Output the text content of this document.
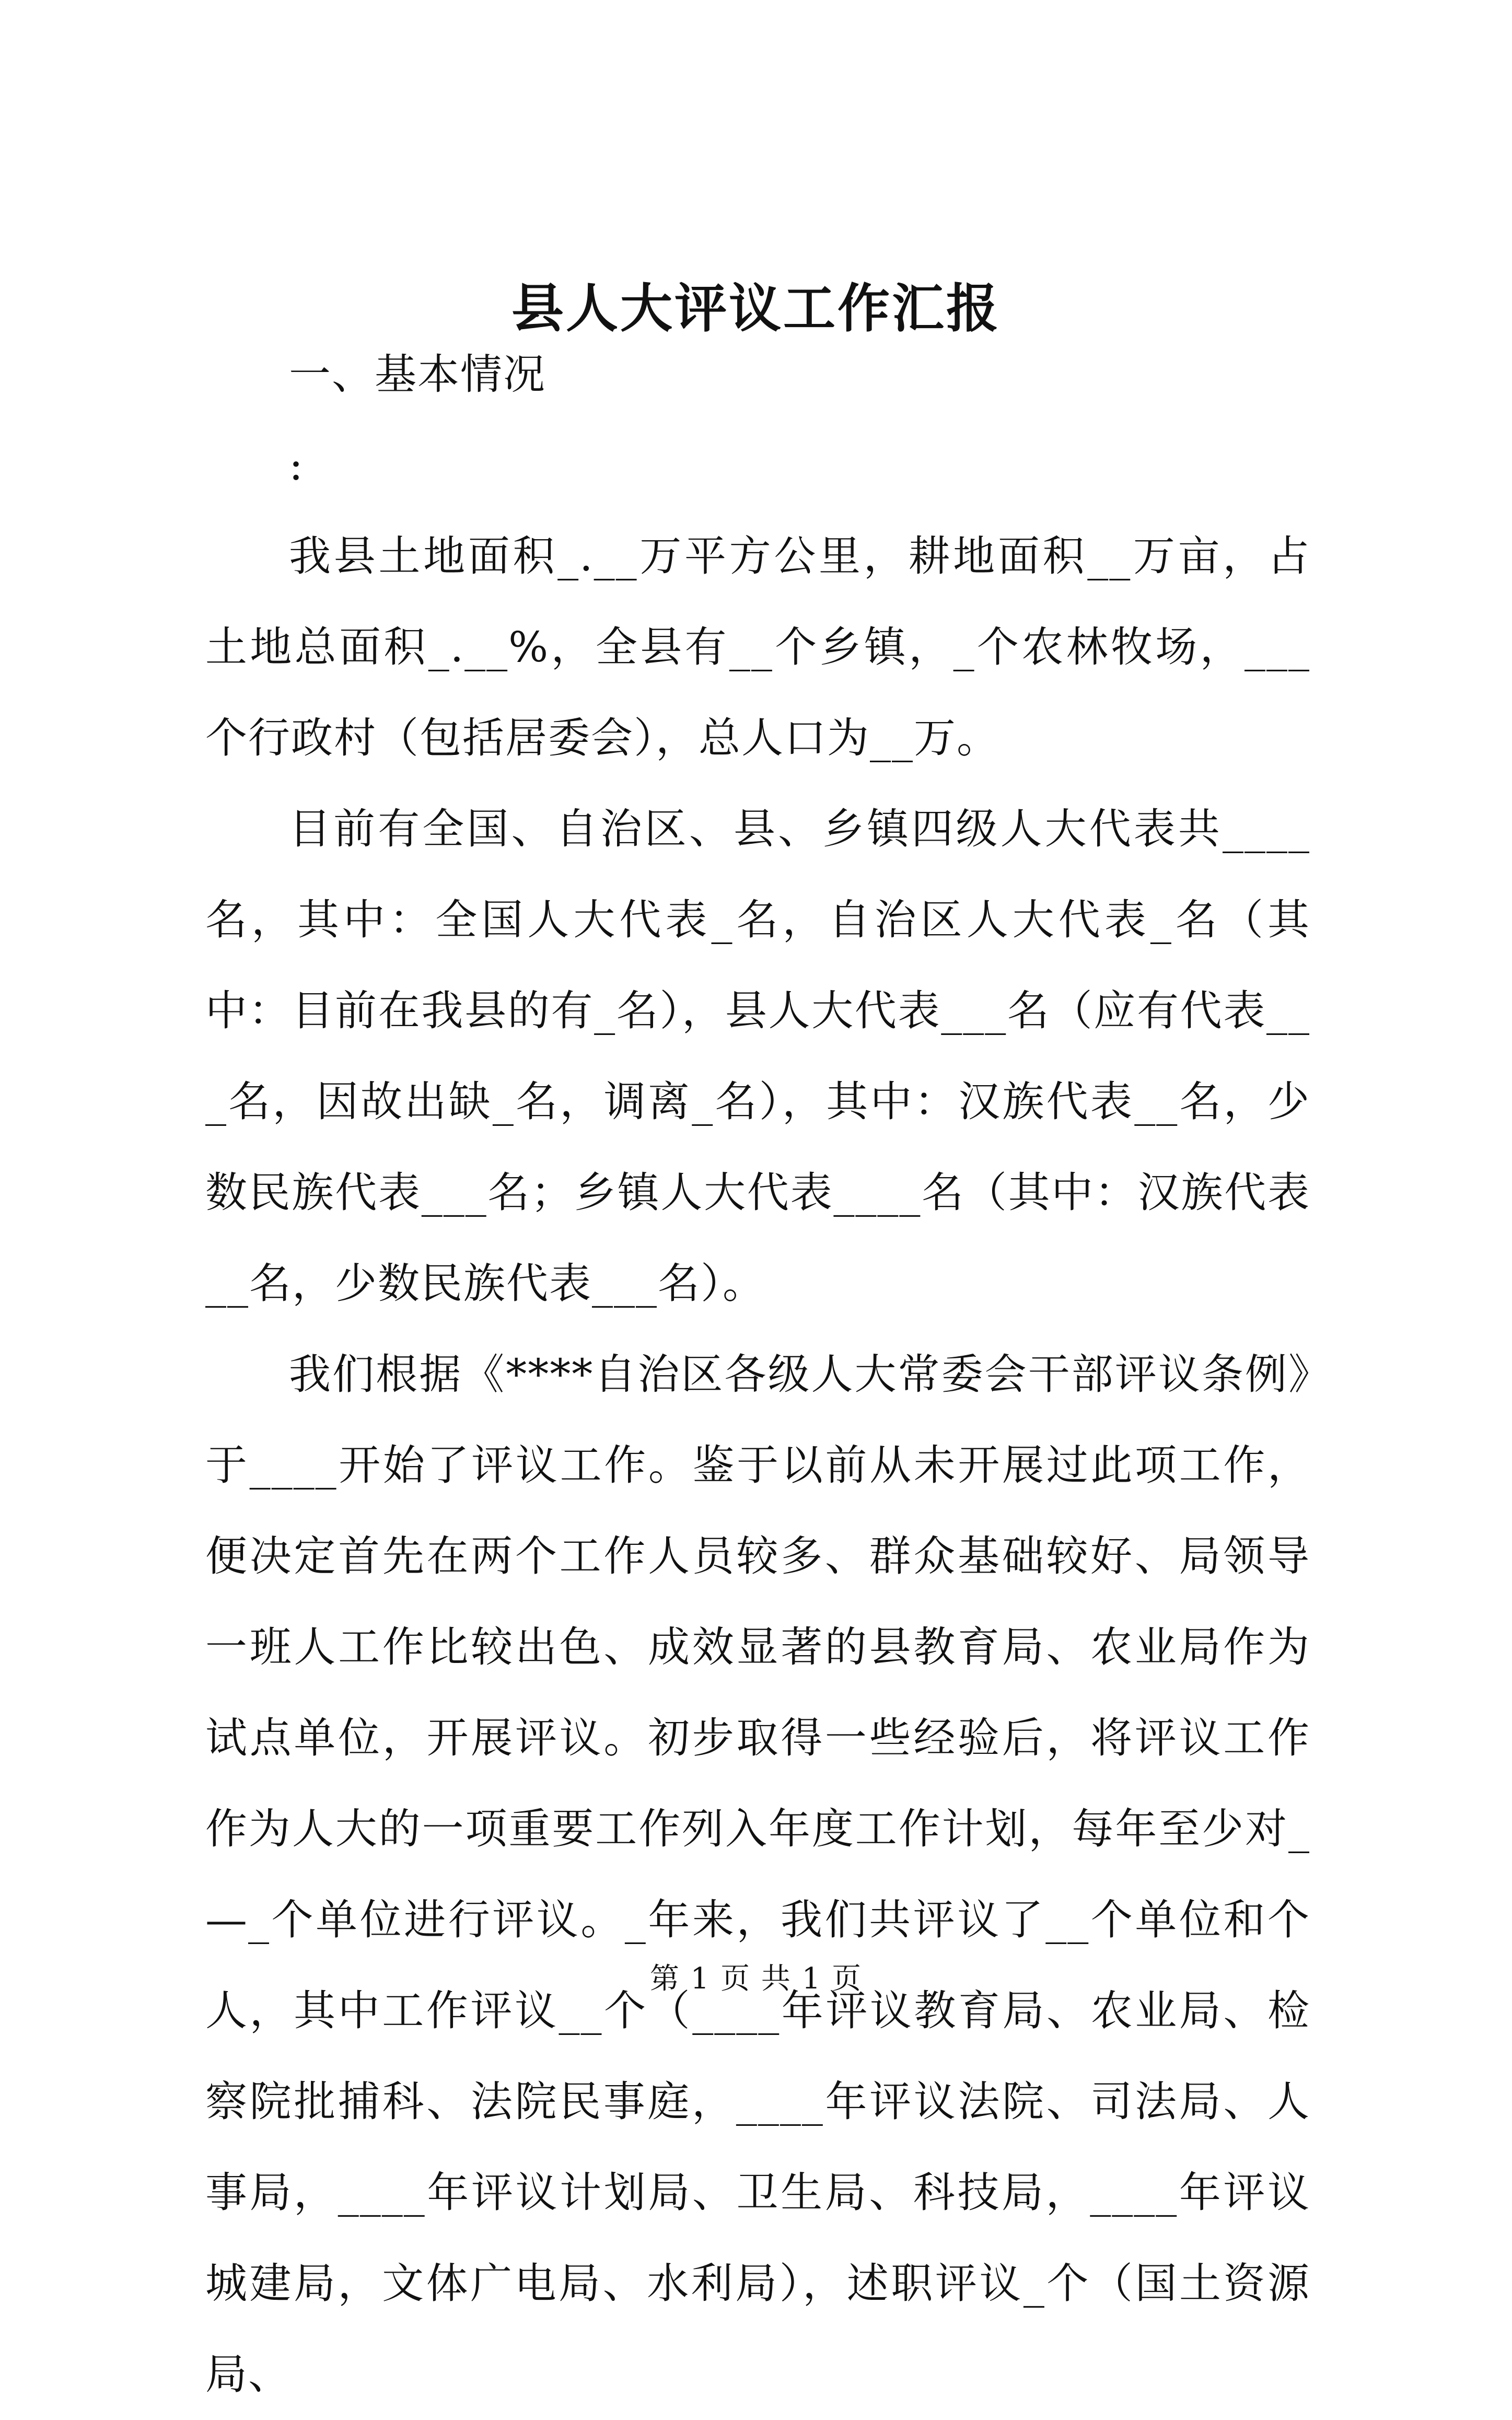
县人大评议工作汇报

一、基本情况

:

我县土地面积_.__万平方公里，耕地面积__万亩，占土地总面积_.__%，全县有__个乡镇，_个农林牧场，___个行政村（包括居委会），总人口为__万。

目前有全国、自治区、县、乡镇四级人大代表共____名，其中：全国人大代表_名，自治区人大代表_名（其中：目前在我县的有_名），县人大代表___名（应有代表___名，因故出缺_名，调离_名），其中：汉族代表__名，少数民族代表___名；乡镇人大代表____名（其中：汉族代表__名，少数民族代表___名）。

我们根据《****自治区各级人大常委会干部评议条例》于____开始了评议工作。鉴于以前从未开展过此项工作，便决定首先在两个工作人员较多、群众基础较好、局领导一班人工作比较出色、成效显著的县教育局、农业局作为试点单位，开展评议。初步取得一些经验后，将评议工作作为人大的一项重要工作列入年度工作计划，每年至少对_—_个单位进行评议。_年来，我们共评议了__个单位和个人，其中工作评议__个（____年评议教育局、农业局、检察院批捕科、法院民事庭，____年评议法院、司法局、人事局，____年评议计划局、卫生局、科技局，____年评议城建局，文体广电局、水利局），述职评议_个（国土资源局、

第 1 页 共 1 页
